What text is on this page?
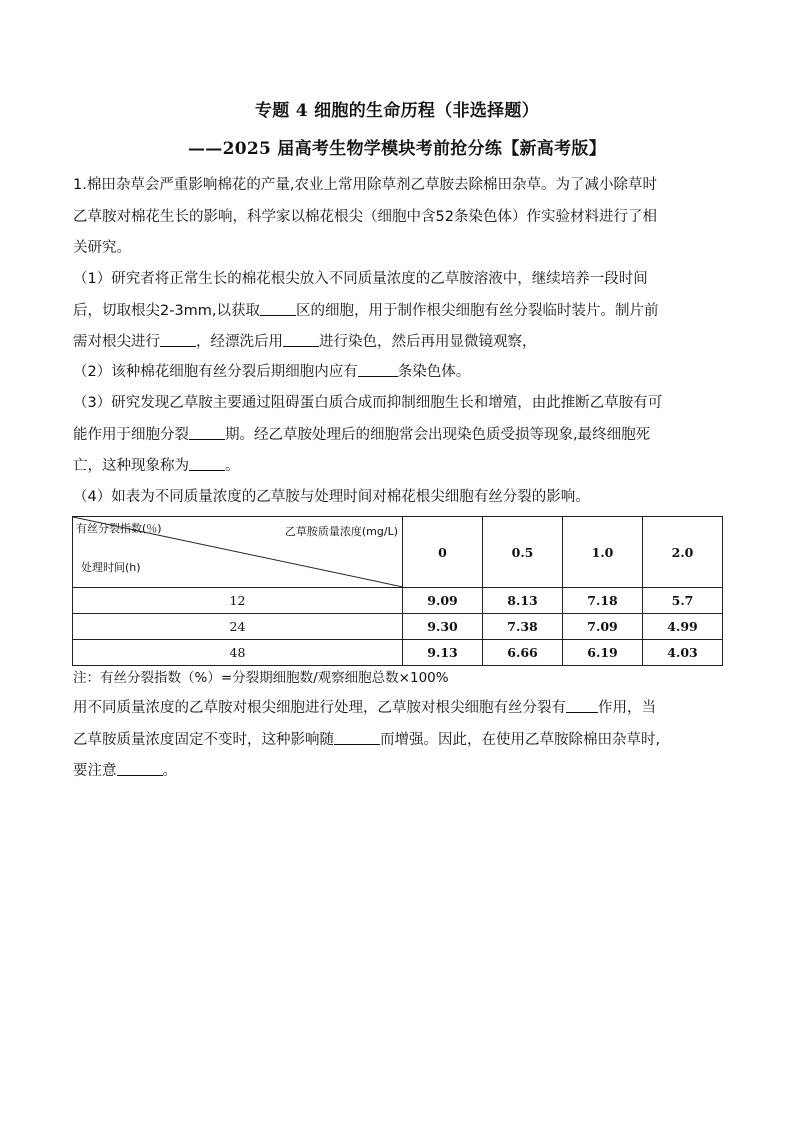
专题 4 细胞的生命历程（非选择题）
——2025 届高考生物学模块考前抢分练【新高考版】
1.棉田杂草会严重影响棉花的产量,农业上常用除草剂乙草胺去除棉田杂草。为了减小除草时
乙草胺对棉花生长的影响，科学家以棉花根尖（细胞中含52条染色体）作实验材料进行了相
关研究。
（1）研究者将正常生长的棉花根尖放入不同质量浓度的乙草胺溶液中，继续培养一段时间
后，切取根尖2-3mm,以获取 区的细胞，用于制作根尖细胞有丝分裂临时装片。制片前
需对根尖进行 ，经漂洗后用 进行染色，然后再用显微镜观察，
（2）该种棉花细胞有丝分裂后期细胞内应有	条染色体。
（3）研究发现乙草胺主要通过阻碍蛋白质合成而抑制细胞生长和增殖，由此推断乙草胺有可
能作用于细胞分裂 期。经乙草胺处理后的细胞常会出现染色质受损等现象,最终细胞死
亡，这种现象称为 。
（4）如表为不同质量浓度的乙草胺与处理时间对棉花根尖细胞有丝分裂的影响。
有丝分裂指数(％) 乙草胺质量浓度(mg/L)
处理时间(h)	0	0.5	1.0	2.0
12	9.09	8.13	7.18	5.7
24	9.30	7.38	7.09	4.99
48	9.13	6.66	6.19	4.03
注：有丝分裂指数（%）=分裂期细胞数/观察细胞总数×100%
用不同质量浓度的乙草胺对根尖细胞进行处理，乙草胺对根尖细胞有丝分裂有 作用，当
乙草胺质量浓度固定不变时，这种影响随	而增强。因此，在使用乙草胺除棉田杂草时,
要注意	。
